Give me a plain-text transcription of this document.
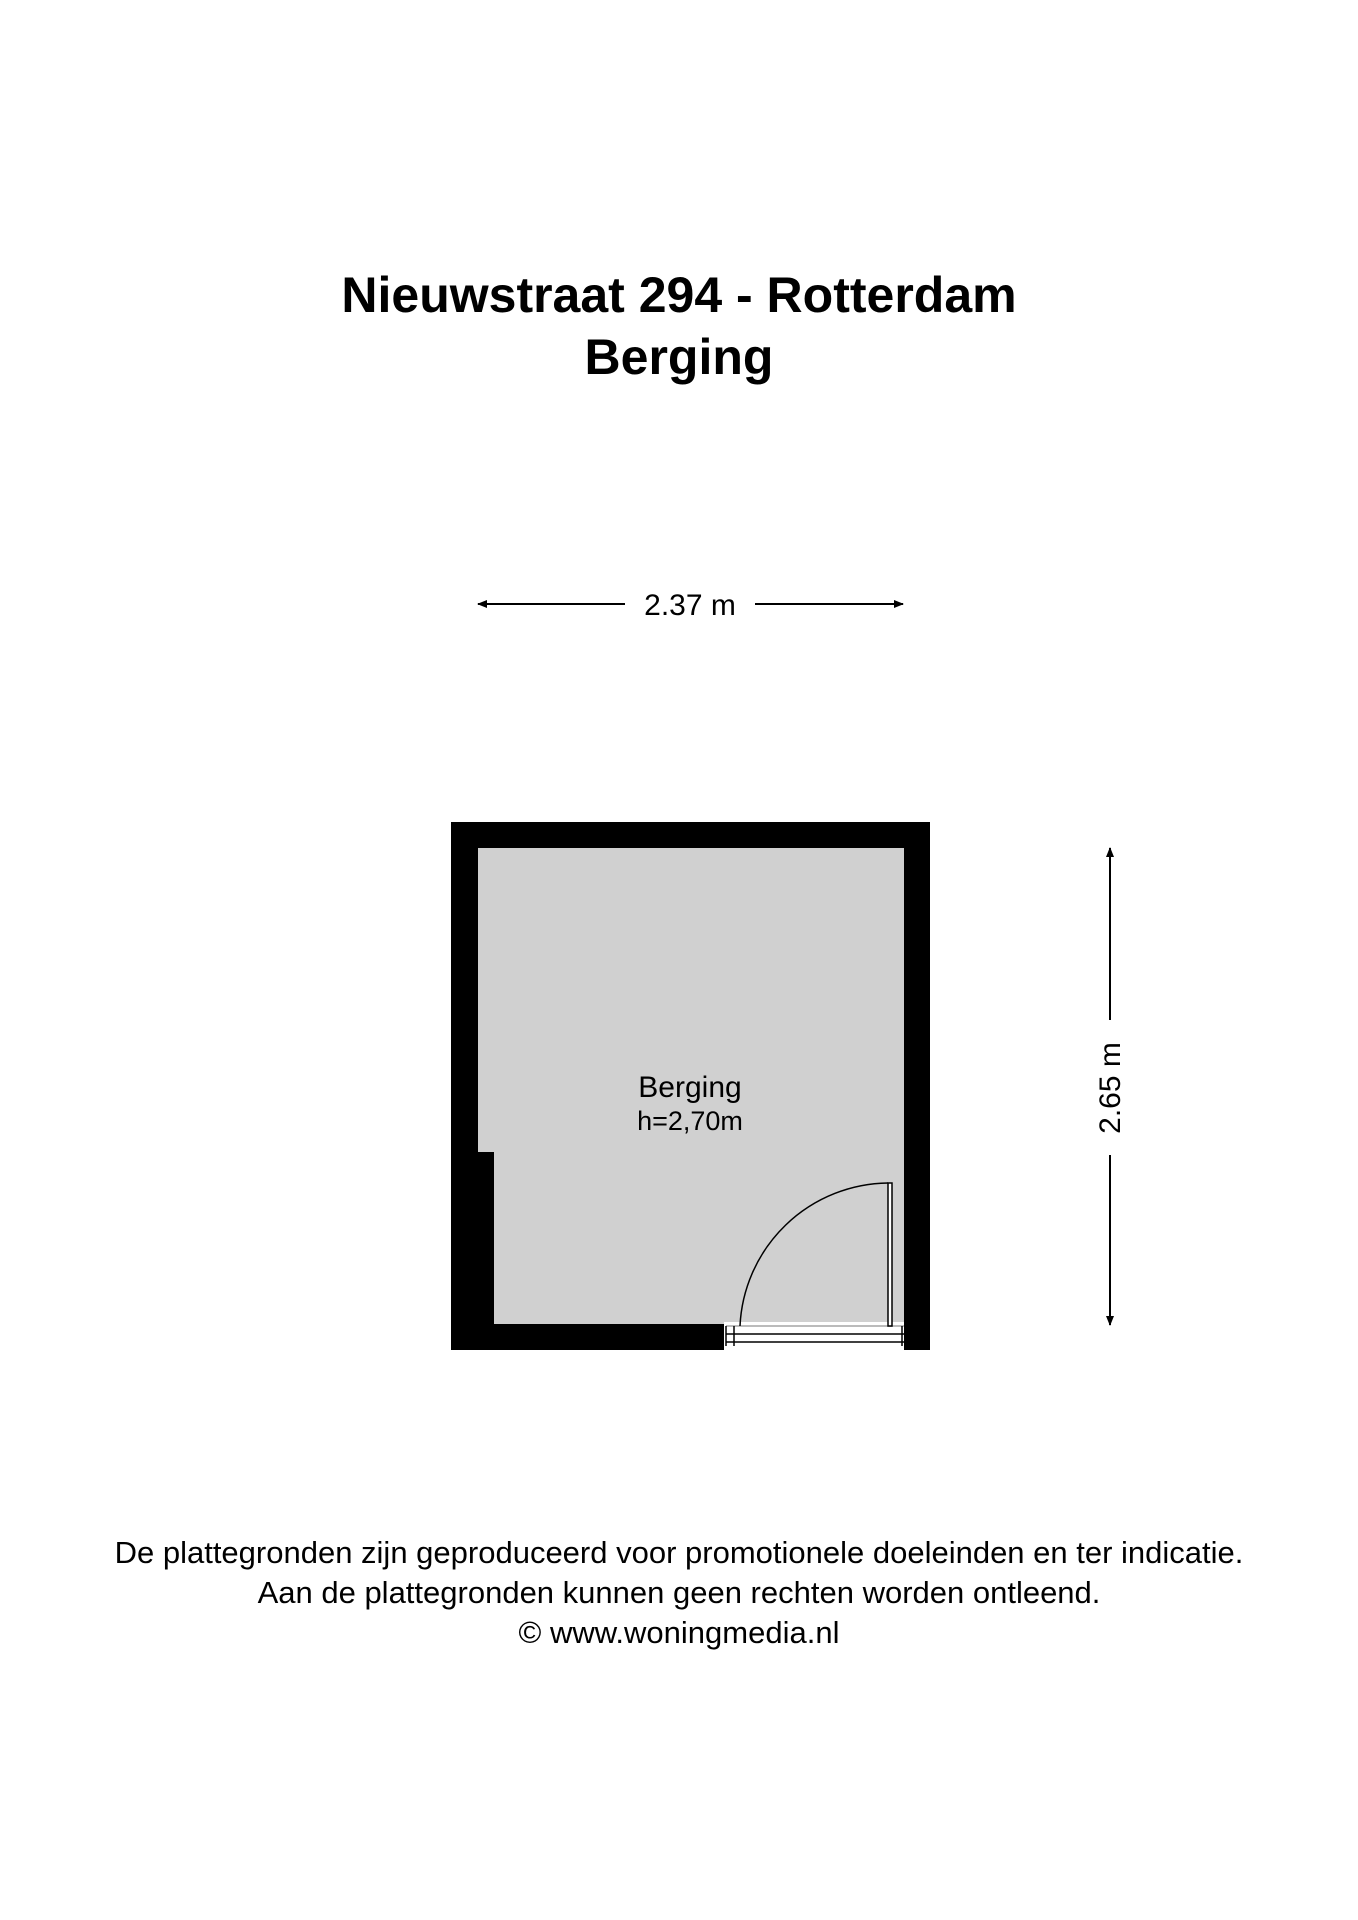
Nieuwstraat 294 - Rotterdam
Berging
2.37 m
2.65 m
Berging
h=2,70m

De plattegronden zijn geproduceerd voor promotionele doeleinden en ter indicatie.

Aan de plattegronden kunnen geen rechten worden ontleend.

© www.woningmedia.nl
